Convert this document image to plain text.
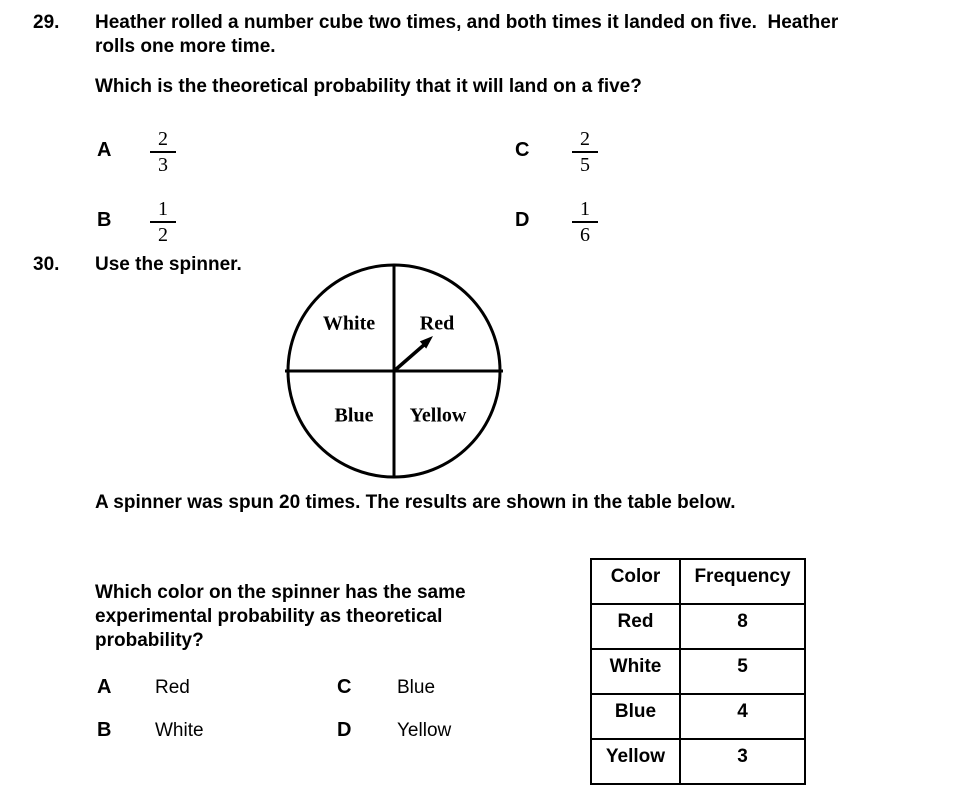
29. Heather rolled a number cube two times, and both times it landed on five.  Heather
rolls one more time.
Which is the theoretical probability that it will land on a five?
A $\frac{2}{3}$
B $\frac{1}{2}$
C $\frac{2}{5}$
D $\frac{1}{6}$
30. Use the spinner.
White Red
Blue Yellow
A spinner was spun 20 times. The results are shown in the table below.
Which color on the spinner has the same
experimental probability as theoretical
probability?
A Red	C Blue
B White	D Yellow
Color	Frequency
Red	8
White	5
Blue	4
Yellow	3
